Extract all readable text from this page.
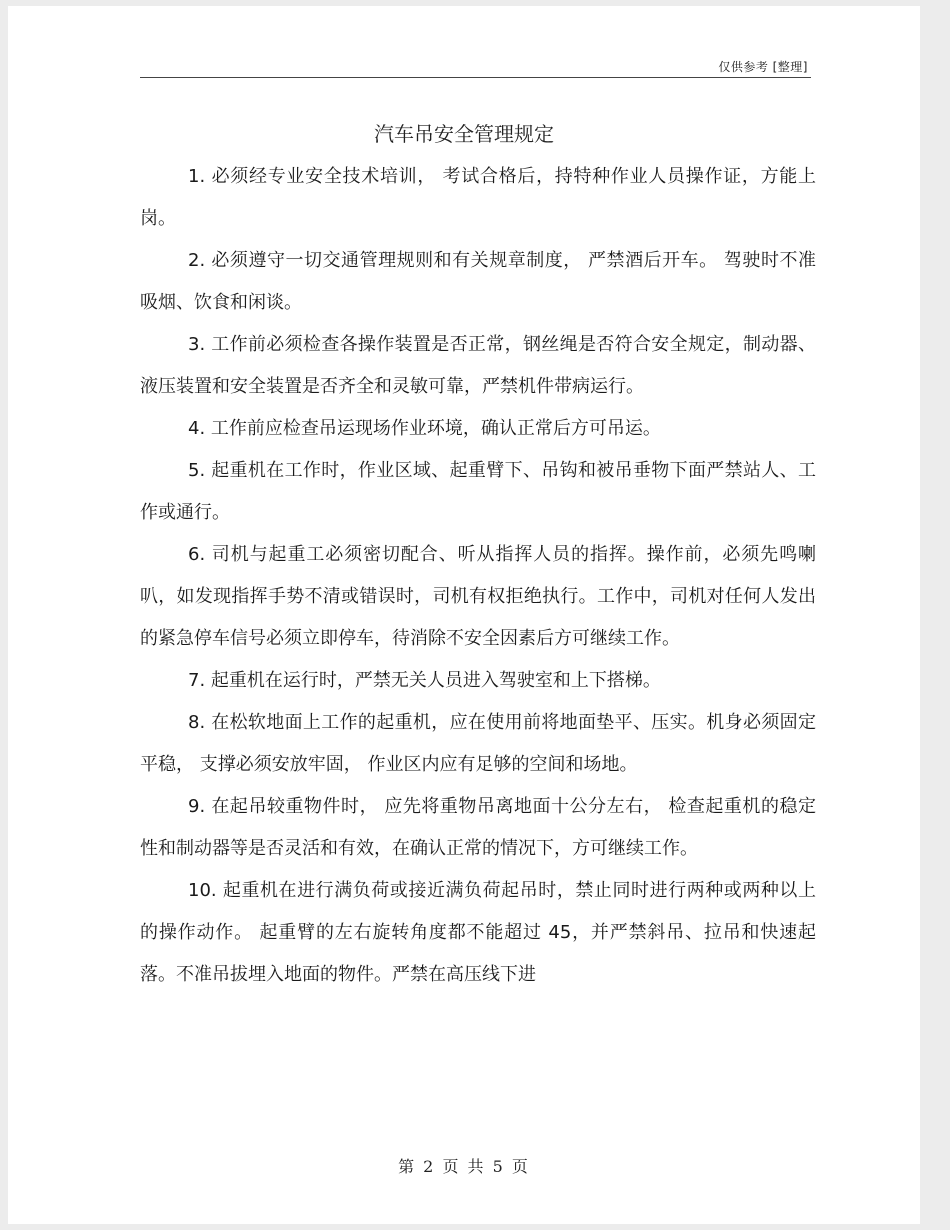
仅供参考 [整理]
汽车吊安全管理规定

1. 必须经专业安全技术培训， 考试合格后，持特种作业人员操作证，方能上岗。

2. 必须遵守一切交通管理规则和有关规章制度， 严禁酒后开车。 驾驶时不准吸烟、饮食和闲谈。

3. 工作前必须检查各操作装置是否正常，钢丝绳是否符合安全规定，制动器、液压装置和安全装置是否齐全和灵敏可靠，严禁机件带病运行。

4. 工作前应检查吊运现场作业环境，确认正常后方可吊运。

5. 起重机在工作时，作业区域、起重臂下、吊钩和被吊垂物下面严禁站人、工作或通行。

6. 司机与起重工必须密切配合、听从指挥人员的指挥。操作前，必须先鸣喇叭，如发现指挥手势不清或错误时，司机有权拒绝执行。工作中，司机对任何人发出的紧急停车信号必须立即停车，待消除不安全因素后方可继续工作。

7. 起重机在运行时，严禁无关人员进入驾驶室和上下搭梯。

8. 在松软地面上工作的起重机，应在使用前将地面垫平、压实。机身必须固定平稳， 支撑必须安放牢固， 作业区内应有足够的空间和场地。

9. 在起吊较重物件时， 应先将重物吊离地面十公分左右， 检查起重机的稳定性和制动器等是否灵活和有效，在确认正常的情况下，方可继续工作。

10. 起重机在进行满负荷或接近满负荷起吊时，禁止同时进行两种或两种以上的操作动作。 起重臂的左右旋转角度都不能超过 45，并严禁斜吊、拉吊和快速起落。不准吊拔埋入地面的物件。严禁在高压线下进

第 2 页 共 5 页
